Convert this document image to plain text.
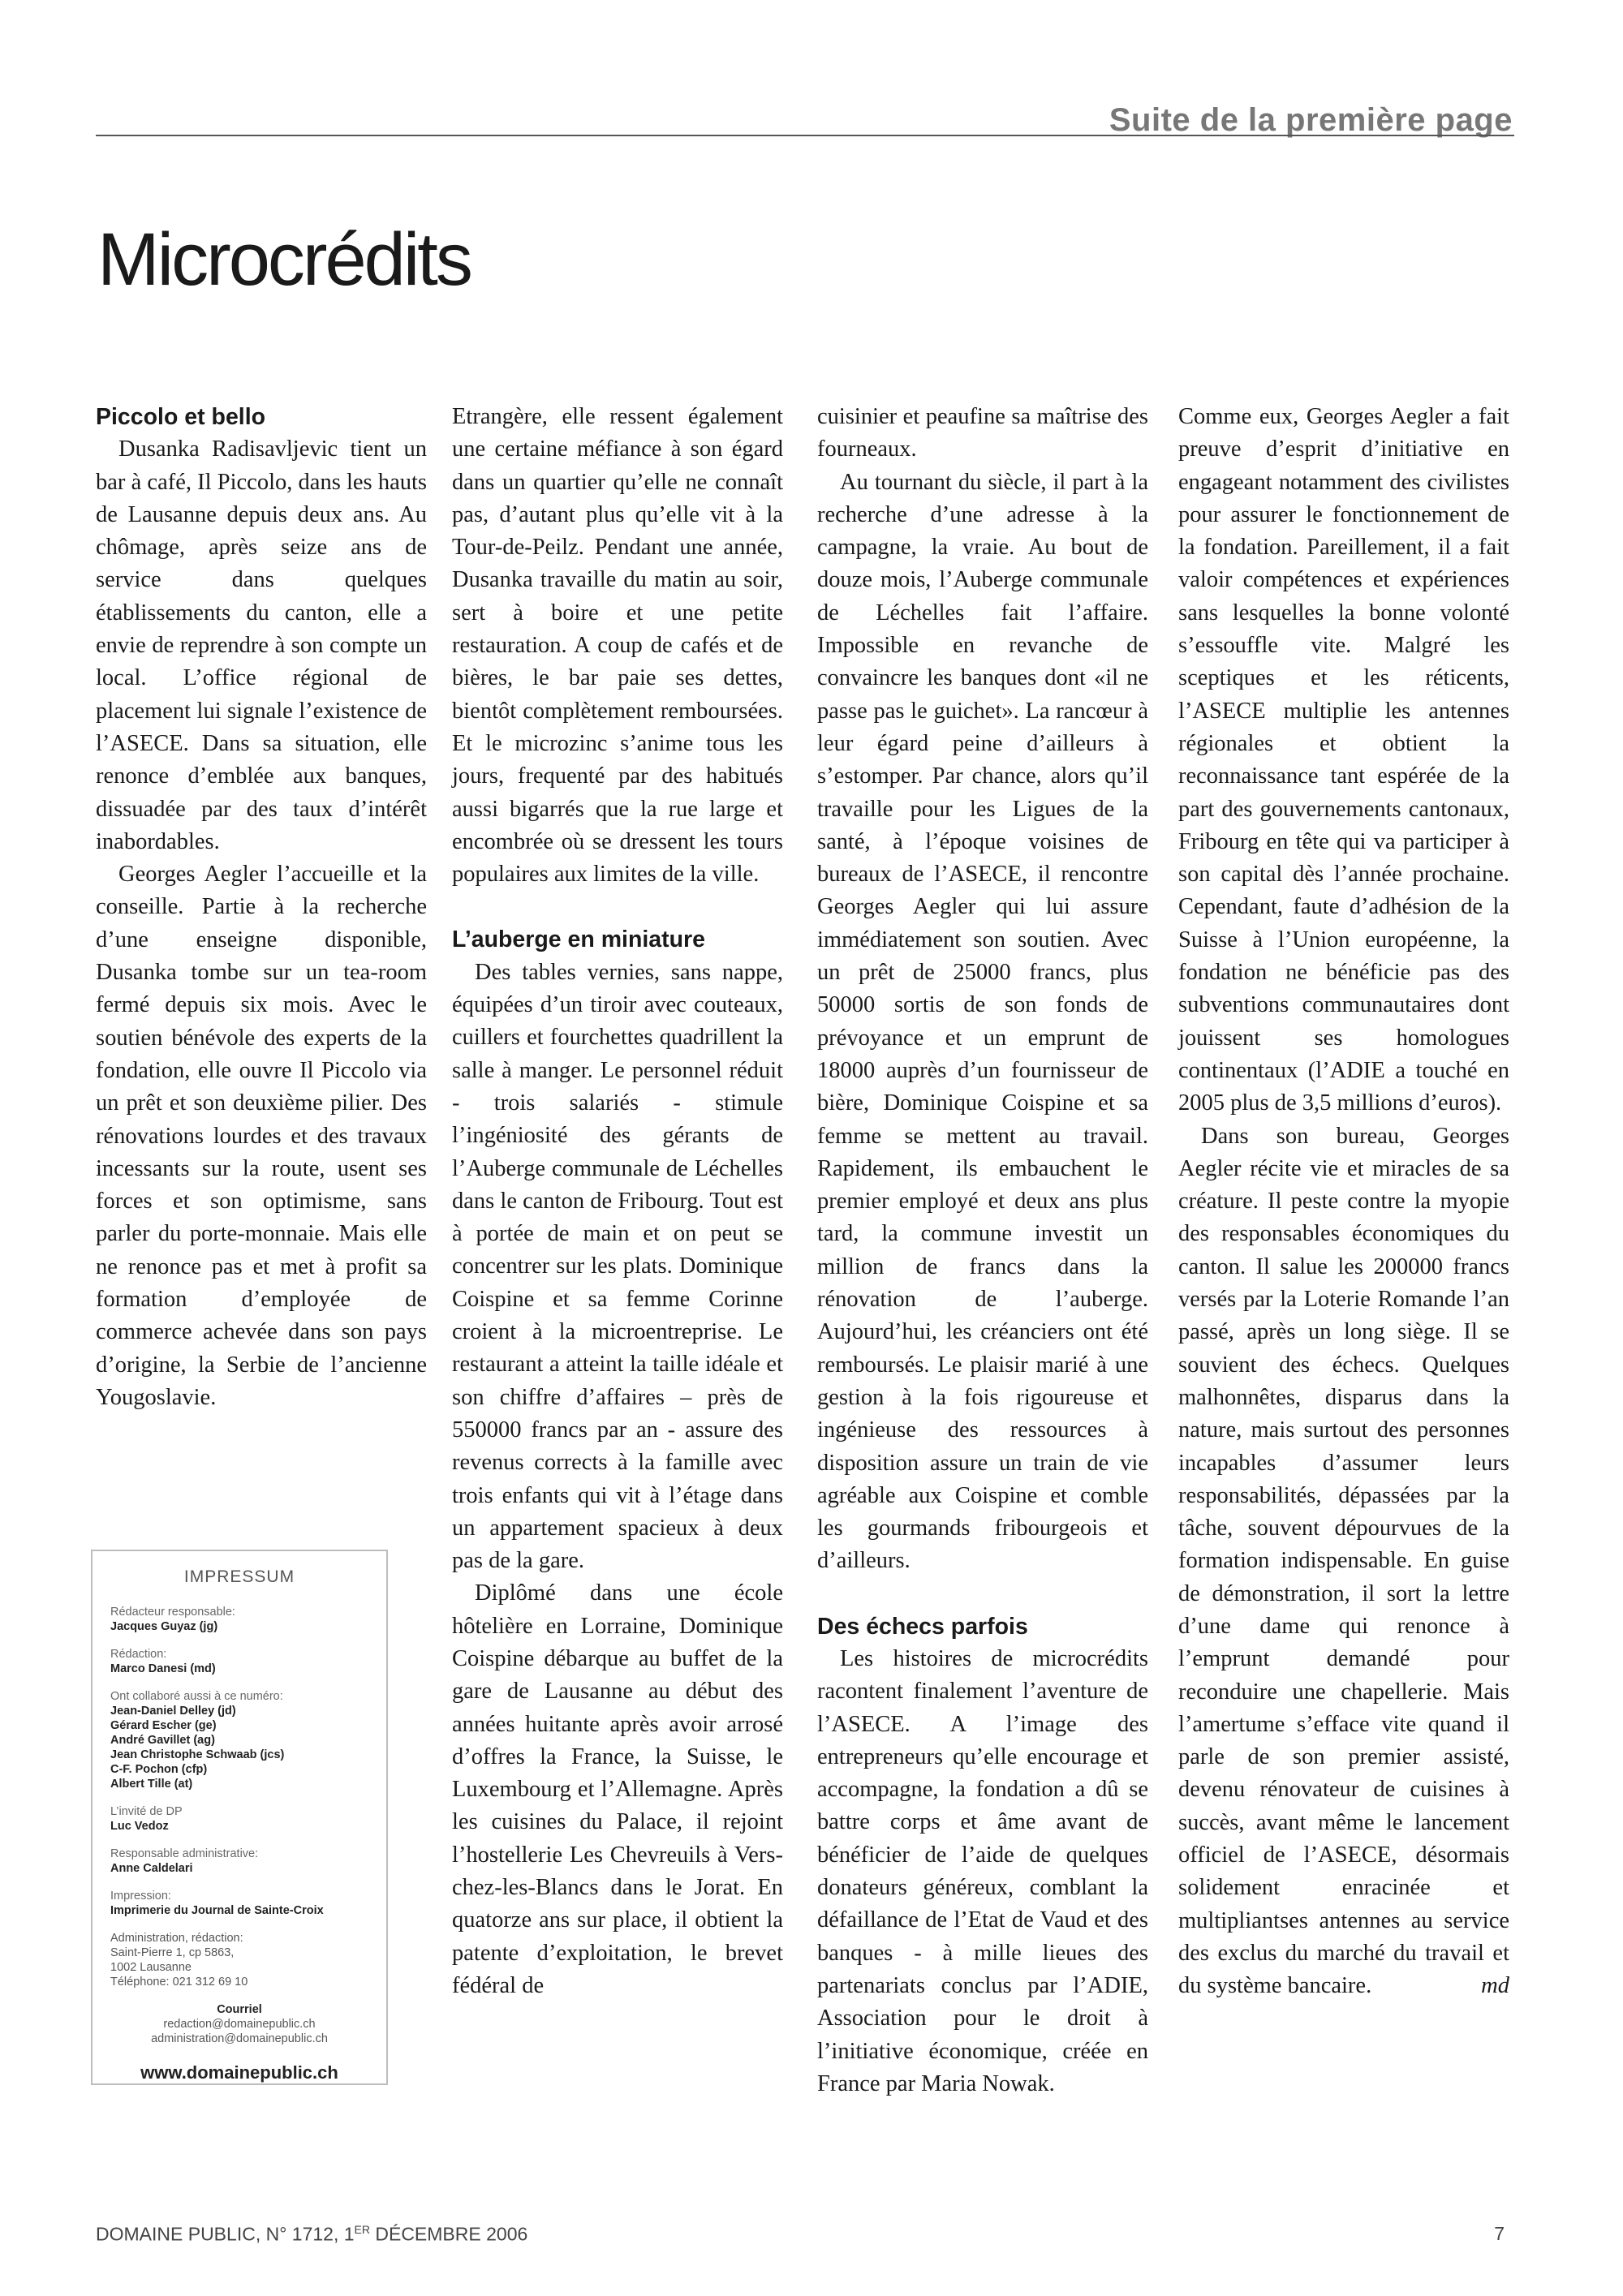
Suite de la première page
Microcrédits
Piccolo et bello

Dusanka Radisavljevic tient un bar à café, Il Piccolo, dans les hauts de Lausanne depuis deux ans. Au chômage, après seize ans de service dans quelques établissements du canton, elle a envie de reprendre à son compte un local. L’office régional de placement lui signale l’existence de l’ASECE. Dans sa situation, elle renonce d’emblée aux banques, dissuadée par des taux d’intérêt inabordables.

Georges Aegler l’accueille et la conseille. Partie à la recherche d’une enseigne disponible, Dusanka tombe sur un tea-room fermé depuis six mois. Avec le soutien bénévole des experts de la fondation, elle ouvre Il Piccolo via un prêt et son deuxième pilier. Des rénovations lourdes et des travaux incessants sur la route, usent ses forces et son optimisme, sans parler du porte-monnaie. Mais elle ne renonce pas et met à profit sa formation d’employée de commerce achevée dans son pays d’origine, la Serbie de l’ancienne Yougoslavie.

Etrangère, elle ressent également une certaine méfiance à son égard dans un quartier qu’elle ne connaît pas, d’autant plus qu’elle vit à la Tour-de-Peilz. Pendant une année, Dusanka travaille du matin au soir, sert à boire et une petite restauration. A coup de cafés et de bières, le bar paie ses dettes, bientôt complètement remboursées. Et le microzinc s’anime tous les jours, frequenté par des habitués aussi bigarrés que la rue large et encombrée où se dressent les tours populaires aux limites de la ville.

L’auberge en miniature

Des tables vernies, sans nappe, équipées d’un tiroir avec couteaux, cuillers et fourchettes quadrillent la salle à manger. Le personnel réduit - trois salariés - stimule l’ingéniosité des gérants de l’Auberge communale de Léchelles dans le canton de Fribourg. Tout est à portée de main et on peut se concentrer sur les plats. Dominique Coispine et sa femme Corinne croient à la microentreprise. Le restaurant a atteint la taille idéale et son chiffre d’affaires – près de 550000 francs par an - assure des revenus corrects à la famille avec trois enfants qui vit à l’étage dans un appartement spacieux à deux pas de la gare.

Diplômé dans une école hôtelière en Lorraine, Dominique Coispine débarque au buffet de la gare de Lausanne au début des années huitante après avoir arrosé d’offres la France, la Suisse, le Luxembourg et l’Allemagne. Après les cuisines du Palace, il rejoint l’hostellerie Les Chevreuils à Vers-chez-les-Blancs dans le Jorat. En quatorze ans sur place, il obtient la patente d’exploitation, le brevet fédéral de

cuisinier et peaufine sa maîtrise des fourneaux.

Au tournant du siècle, il part à la recherche d’une adresse à la campagne, la vraie. Au bout de douze mois, l’Auberge communale de Léchelles fait l’affaire. Impossible en revanche de convaincre les banques dont «il ne passe pas le guichet». La rancœur à leur égard peine d’ailleurs à s’estomper. Par chance, alors qu’il travaille pour les Ligues de la santé, à l’époque voisines de bureaux de l’ASECE, il rencontre Georges Aegler qui lui assure immédiatement son soutien. Avec un prêt de 25000 francs, plus 50000 sortis de son fonds de prévoyance et un emprunt de 18000 auprès d’un fournisseur de bière, Dominique Coispine et sa femme se mettent au travail. Rapidement, ils embauchent le premier employé et deux ans plus tard, la commune investit un million de francs dans la rénovation de l’auberge. Aujourd’hui, les créanciers ont été remboursés. Le plaisir marié à une gestion à la fois rigoureuse et ingénieuse des ressources à disposition assure un train de vie agréable aux Coispine et comble les gourmands fribourgeois et d’ailleurs.

Des échecs parfois

Les histoires de microcrédits racontent finalement l’aventure de l’ASECE. A l’image des entrepreneurs qu’elle encourage et accompagne, la fondation a dû se battre corps et âme avant de bénéficier de l’aide de quelques donateurs généreux, comblant la défaillance de l’Etat de Vaud et des banques - à mille lieues des partenariats conclus par l’ADIE, Association pour le droit à l’initiative économique, créée en France par Maria Nowak.

Comme eux, Georges Aegler a fait preuve d’esprit d’initiative en engageant notamment des civilistes pour assurer le fonctionnement de la fondation. Pareillement, il a fait valoir compétences et expériences sans lesquelles la bonne volonté s’essouffle vite. Malgré les sceptiques et les réticents, l’ASECE multiplie les antennes régionales et obtient la reconnaissance tant espérée de la part des gouvernements cantonaux, Fribourg en tête qui va participer à son capital dès l’année prochaine. Cependant, faute d’adhésion de la Suisse à l’Union européenne, la fondation ne bénéficie pas des subventions communautaires dont jouissent ses homologues continentaux (l’ADIE a touché en 2005 plus de 3,5 millions d’euros).

Dans son bureau, Georges Aegler récite vie et miracles de sa créature. Il peste contre la myopie des responsables économiques du canton. Il salue les 200000 francs versés par la Loterie Romande l’an passé, après un long siège. Il se souvient des échecs. Quelques malhonnêtes, disparus dans la nature, mais surtout des personnes incapables d’assumer leurs responsabilités, dépassées par la tâche, souvent dépourvues de la formation indispensable. En guise de démonstration, il sort la lettre d’une dame qui renonce à l’emprunt demandé pour reconduire une chapellerie. Mais l’amertume s’efface vite quand il parle de son premier assisté, devenu rénovateur de cuisines à succès, avant même le lancement officiel de l’ASECE, désormais solidement enracinée et multipliantses antennes au service des exclus du marché du travail et du système bancaire.	md

IMPRESSUM
Rédacteur responsable:
Jacques Guyaz (jg)
Rédaction:
Marco Danesi (md)
Ont collaboré aussi à ce numéro:
Jean-Daniel Delley (jd)
Gérard Escher (ge)
André Gavillet (ag)
Jean Christophe Schwaab (jcs)
C-F. Pochon (cfp)
Albert Tille (at)
L’invité de DP
Luc Vedoz
Responsable administrative:
Anne Caldelari
Impression:
Imprimerie du Journal de Sainte-Croix
Administration, rédaction:
Saint-Pierre 1, cp 5863,
1002 Lausanne
Téléphone: 021 312 69 10
Courriel
redaction@domainepublic.ch
administration@domainepublic.ch
www.domainepublic.ch
DOMAINE PUBLIC, N° 1712, 1ER DÉCEMBRE 2006	7
